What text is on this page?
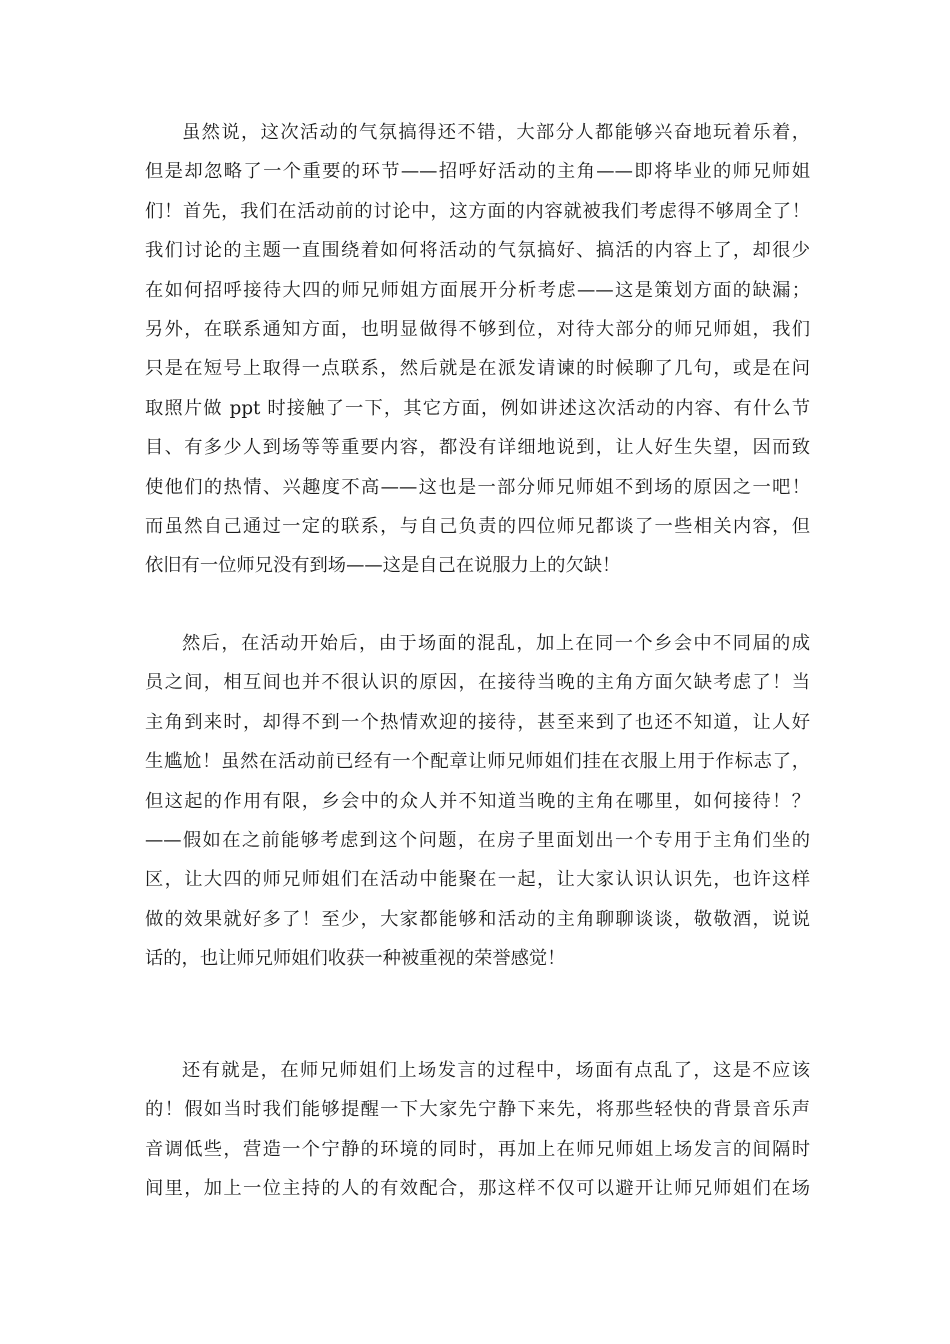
虽然说，这次活动的气氛搞得还不错，大部分人都能够兴奋地玩着乐着，
但是却忽略了一个重要的环节——招呼好活动的主角——即将毕业的师兄师姐
们！首先，我们在活动前的讨论中，这方面的内容就被我们考虑得不够周全了！
我们讨论的主题一直围绕着如何将活动的气氛搞好、搞活的内容上了，却很少
在如何招呼接待大四的师兄师姐方面展开分析考虑——这是策划方面的缺漏；
另外，在联系通知方面，也明显做得不够到位，对待大部分的师兄师姐，我们
只是在短号上取得一点联系，然后就是在派发请谏的时候聊了几句，或是在问
取照片做 ppt 时接触了一下，其它方面，例如讲述这次活动的内容、有什么节
目、有多少人到场等等重要内容，都没有详细地说到，让人好生失望，因而致
使他们的热情、兴趣度不高——这也是一部分师兄师姐不到场的原因之一吧！
而虽然自己通过一定的联系，与自己负责的四位师兄都谈了一些相关内容，但
依旧有一位师兄没有到场——这是自己在说服力上的欠缺！
然后，在活动开始后，由于场面的混乱，加上在同一个乡会中不同届的成
员之间，相互间也并不很认识的原因，在接待当晚的主角方面欠缺考虑了！当
主角到来时，却得不到一个热情欢迎的接待，甚至来到了也还不知道，让人好
生尴尬！虽然在活动前已经有一个配章让师兄师姐们挂在衣服上用于作标志了，
但这起的作用有限，乡会中的众人并不知道当晚的主角在哪里，如何接待！？
——假如在之前能够考虑到这个问题，在房子里面划出一个专用于主角们坐的
区，让大四的师兄师姐们在活动中能聚在一起，让大家认识认识先，也许这样
做的效果就好多了！至少，大家都能够和活动的主角聊聊谈谈，敬敬酒，说说
话的，也让师兄师姐们收获一种被重视的荣誉感觉！
还有就是，在师兄师姐们上场发言的过程中，场面有点乱了，这是不应该
的！假如当时我们能够提醒一下大家先宁静下来先，将那些轻快的背景音乐声
音调低些，营造一个宁静的环境的同时，再加上在师兄师姐上场发言的间隔时
间里，加上一位主持的人的有效配合，那这样不仅可以避开让师兄师姐们在场
